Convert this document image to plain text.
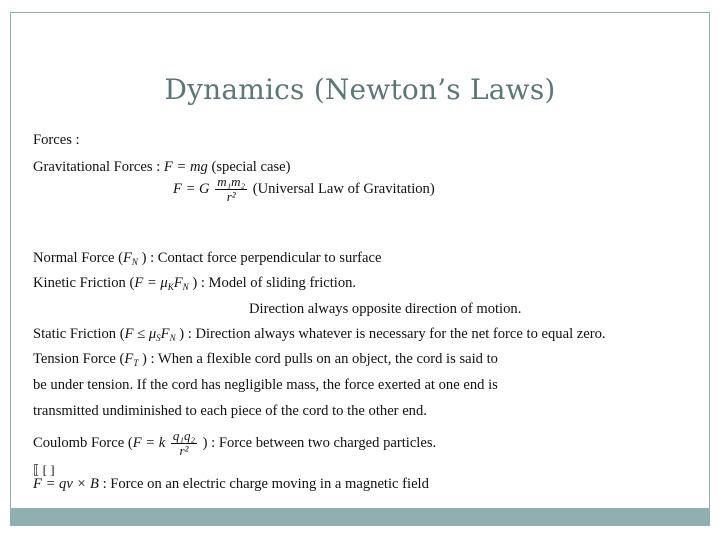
Dynamics (Newton’s Laws)
Forces :
Gravitational Forces : F = mg (special case)
F = G $\frac{\text{m₁m₂}}{\text{r²}}$ (Universal Law of Gravitation)
Normal Force ($F_N$ ) : Contact force perpendicular to surface
Kinetic Friction ($F = \mu_KF_N$ ) : Model of sliding friction.
Direction always opposite direction of motion.
Static Friction ($F \le \mu_SF_N$ ) : Direction always whatever is necessary for the net force to equal zero.
Tension Force ($F_T$ ) : When a flexible cord pulls on an object, the cord is said to
be under tension. If the cord has negligible mass, the force exerted at one end is
transmitted undiminished to each piece of the cord to the other end.
Coulomb Force (F = k $\frac{\text{q₁q₂}}{\text{r²}}$ ) : Force between two charged particles.
⟦ [ ]
F = qv × B : Force on an electric charge moving in a magnetic field
